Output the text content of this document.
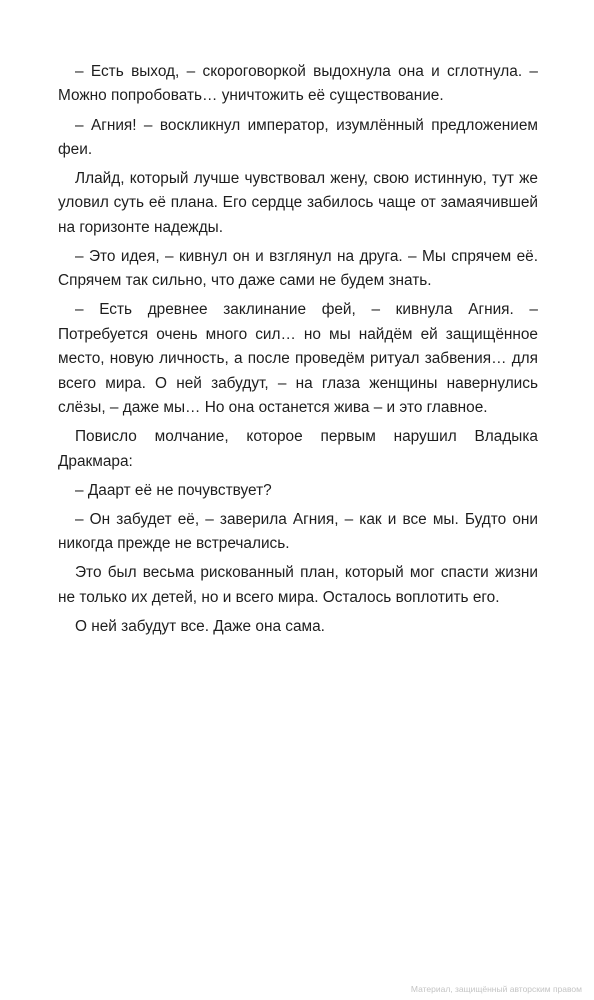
– Есть выход, – скороговоркой выдохнула она и сглотнула. – Можно попробовать… уничтожить её существование.

– Агния! – воскликнул император, изумлённый предложением феи.

Ллайд, который лучше чувствовал жену, свою истинную, тут же уловил суть её плана. Его сердце забилось чаще от замаячившей на горизонте надежды.

– Это идея, – кивнул он и взглянул на друга. – Мы спрячем её. Спрячем так сильно, что даже сами не будем знать.

– Есть древнее заклинание фей, – кивнула Агния. – Потребуется очень много сил… но мы найдём ей защищённое место, новую личность, а после проведём ритуал забвения… для всего мира. О ней забудут, – на глаза женщины навернулись слёзы, – даже мы… Но она останется жива – и это главное.

Повисло молчание, которое первым нарушил Владыка Дракмара:

– Даарт её не почувствует?

– Он забудет её, – заверила Агния, – как и все мы. Будто они никогда прежде не встречались.

Это был весьма рискованный план, который мог спасти жизни не только их детей, но и всего мира. Осталось воплотить его.

О ней забудут все. Даже она сама.

Материал, защищённый авторским правом
